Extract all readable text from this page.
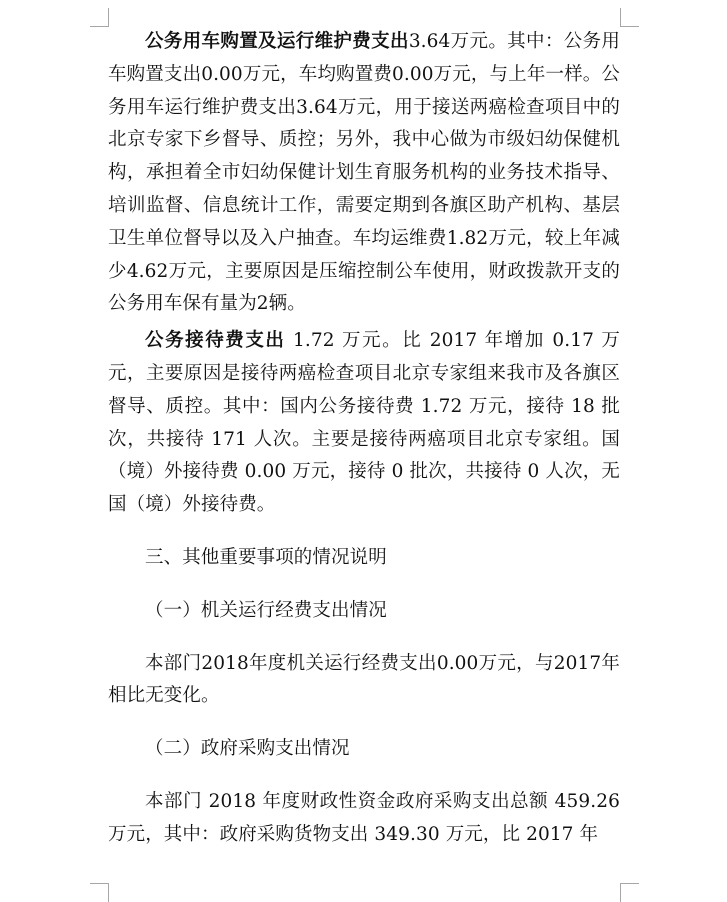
公务用车购置及运行维护费支出3.64万元。其中：公务用车购置支出0.00万元，车均购置费0.00万元，与上年一样。公务用车运行维护费支出3.64万元，用于接送两癌检查项目中的北京专家下乡督导、质控；另外，我中心做为市级妇幼保健机构，承担着全市妇幼保健计划生育服务机构的业务技术指导、培训监督、信息统计工作，需要定期到各旗区助产机构、基层卫生单位督导以及入户抽查。车均运维费1.82万元，较上年减少4.62万元，主要原因是压缩控制公车使用，财政拨款开支的公务用车保有量为2辆。

公务接待费支出 1.72 万元。比 2017 年增加 0.17 万元，主要原因是接待两癌检查项目北京专家组来我市及各旗区督导、质控。其中：国内公务接待费 1.72 万元，接待 18 批次，共接待 171 人次。主要是接待两癌项目北京专家组。国（境）外接待费 0.00 万元，接待 0 批次，共接待 0 人次，无国（境）外接待费。

三、其他重要事项的情况说明

（一）机关运行经费支出情况

本部门2018年度机关运行经费支出0.00万元，与2017年相比无变化。

（二）政府采购支出情况

本部门 2018 年度财政性资金政府采购支出总额 459.26 万元，其中：政府采购货物支出 349.30 万元，比 2017 年
